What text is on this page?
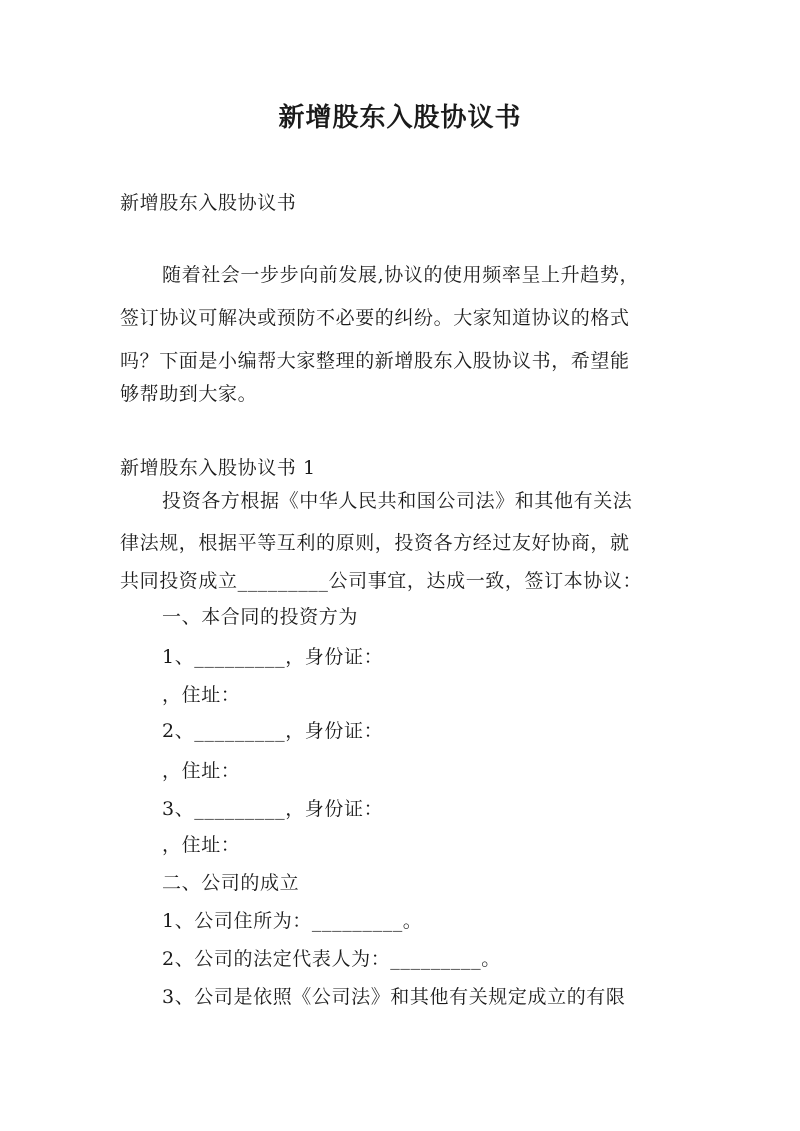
新增股东入股协议书

新增股东入股协议书

随着社会一步步向前发展,协议的使用频率呈上升趋势，

签订协议可解决或预防不必要的纠纷。大家知道协议的格式

吗？下面是小编帮大家整理的新增股东入股协议书，希望能

够帮助到大家。

新增股东入股协议书 1

投资各方根据《中华人民共和国公司法》和其他有关法

律法规，根据平等互利的原则，投资各方经过友好协商，就

共同投资成立_________公司事宜，达成一致，签订本协议：

一、本合同的投资方为

1、_________，身份证：

，住址：

2、_________，身份证：

，住址：

3、_________，身份证：

，住址：

二、公司的成立

1、公司住所为：_________。

2、公司的法定代表人为：_________。

3、公司是依照《公司法》和其他有关规定成立的有限
